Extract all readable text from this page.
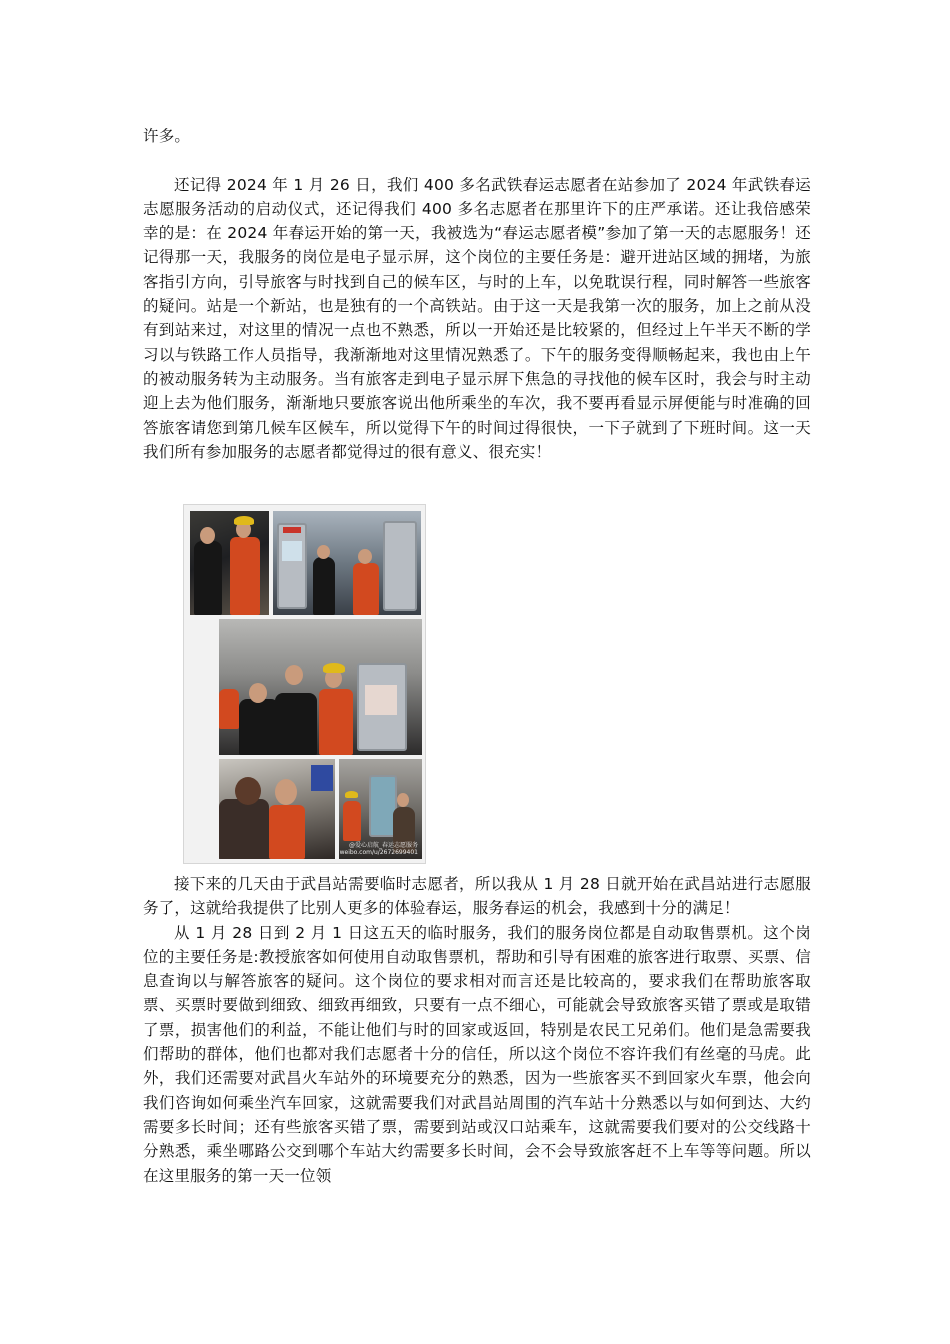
许多。

还记得 2024 年 1 月 26 日，我们 400 多名武铁春运志愿者在站参加了 2024 年武铁春运志愿服务活动的启动仪式，还记得我们 400 多名志愿者在那里许下的庄严承诺。还让我倍感荣幸的是：在 2024 年春运开始的第一天，我被选为“春运志愿者模”参加了第一天的志愿服务！还记得那一天，我服务的岗位是电子显示屏，这个岗位的主要任务是：避开进站区域的拥堵，为旅客指引方向，引导旅客与时找到自己的候车区，与时的上车，以免耽误行程，同时解答一些旅客的疑问。站是一个新站，也是独有的一个高铁站。由于这一天是我第一次的服务，加上之前从没有到站来过，对这里的情况一点也不熟悉，所以一开始还是比较紧的，但经过上午半天不断的学习以与铁路工作人员指导，我渐渐地对这里情况熟悉了。下午的服务变得顺畅起来，我也由上午的被动服务转为主动服务。当有旅客走到电子显示屏下焦急的寻找他的候车区时，我会与时主动迎上去为他们服务，渐渐地只要旅客说出他所乘坐的车次，我不要再看显示屏便能与时准确的回答旅客请您到第几候车区候车，所以觉得下午的时间过得很快，一下子就到了下班时间。这一天我们所有参加服务的志愿者都觉得过的很有意义、很充实！

@爱心启航_春运志愿服务
weibo.com/u/2672699401

接下来的几天由于武昌站需要临时志愿者，所以我从 1 月 28 日就开始在武昌站进行志愿服务了，这就给我提供了比别人更多的体验春运，服务春运的机会，我感到十分的满足！

从 1 月 28 日到 2 月 1 日这五天的临时服务，我们的服务岗位都是自动取售票机。这个岗位的主要任务是:教授旅客如何使用自动取售票机，帮助和引导有困难的旅客进行取票、买票、信息查询以与解答旅客的疑问。这个岗位的要求相对而言还是比较高的，要求我们在帮助旅客取票、买票时要做到细致、细致再细致，只要有一点不细心，可能就会导致旅客买错了票或是取错了票，损害他们的利益，不能让他们与时的回家或返回，特别是农民工兄弟们。他们是急需要我们帮助的群体，他们也都对我们志愿者十分的信任，所以这个岗位不容许我们有丝毫的马虎。此外，我们还需要对武昌火车站外的环境要充分的熟悉，因为一些旅客买不到回家火车票，他会向我们咨询如何乘坐汽车回家，这就需要我们对武昌站周围的汽车站十分熟悉以与如何到达、大约需要多长时间；还有些旅客买错了票，需要到站或汉口站乘车，这就需要我们要对的公交线路十分熟悉，乘坐哪路公交到哪个车站大约需要多长时间，会不会导致旅客赶不上车等等问题。所以在这里服务的第一天一位领
